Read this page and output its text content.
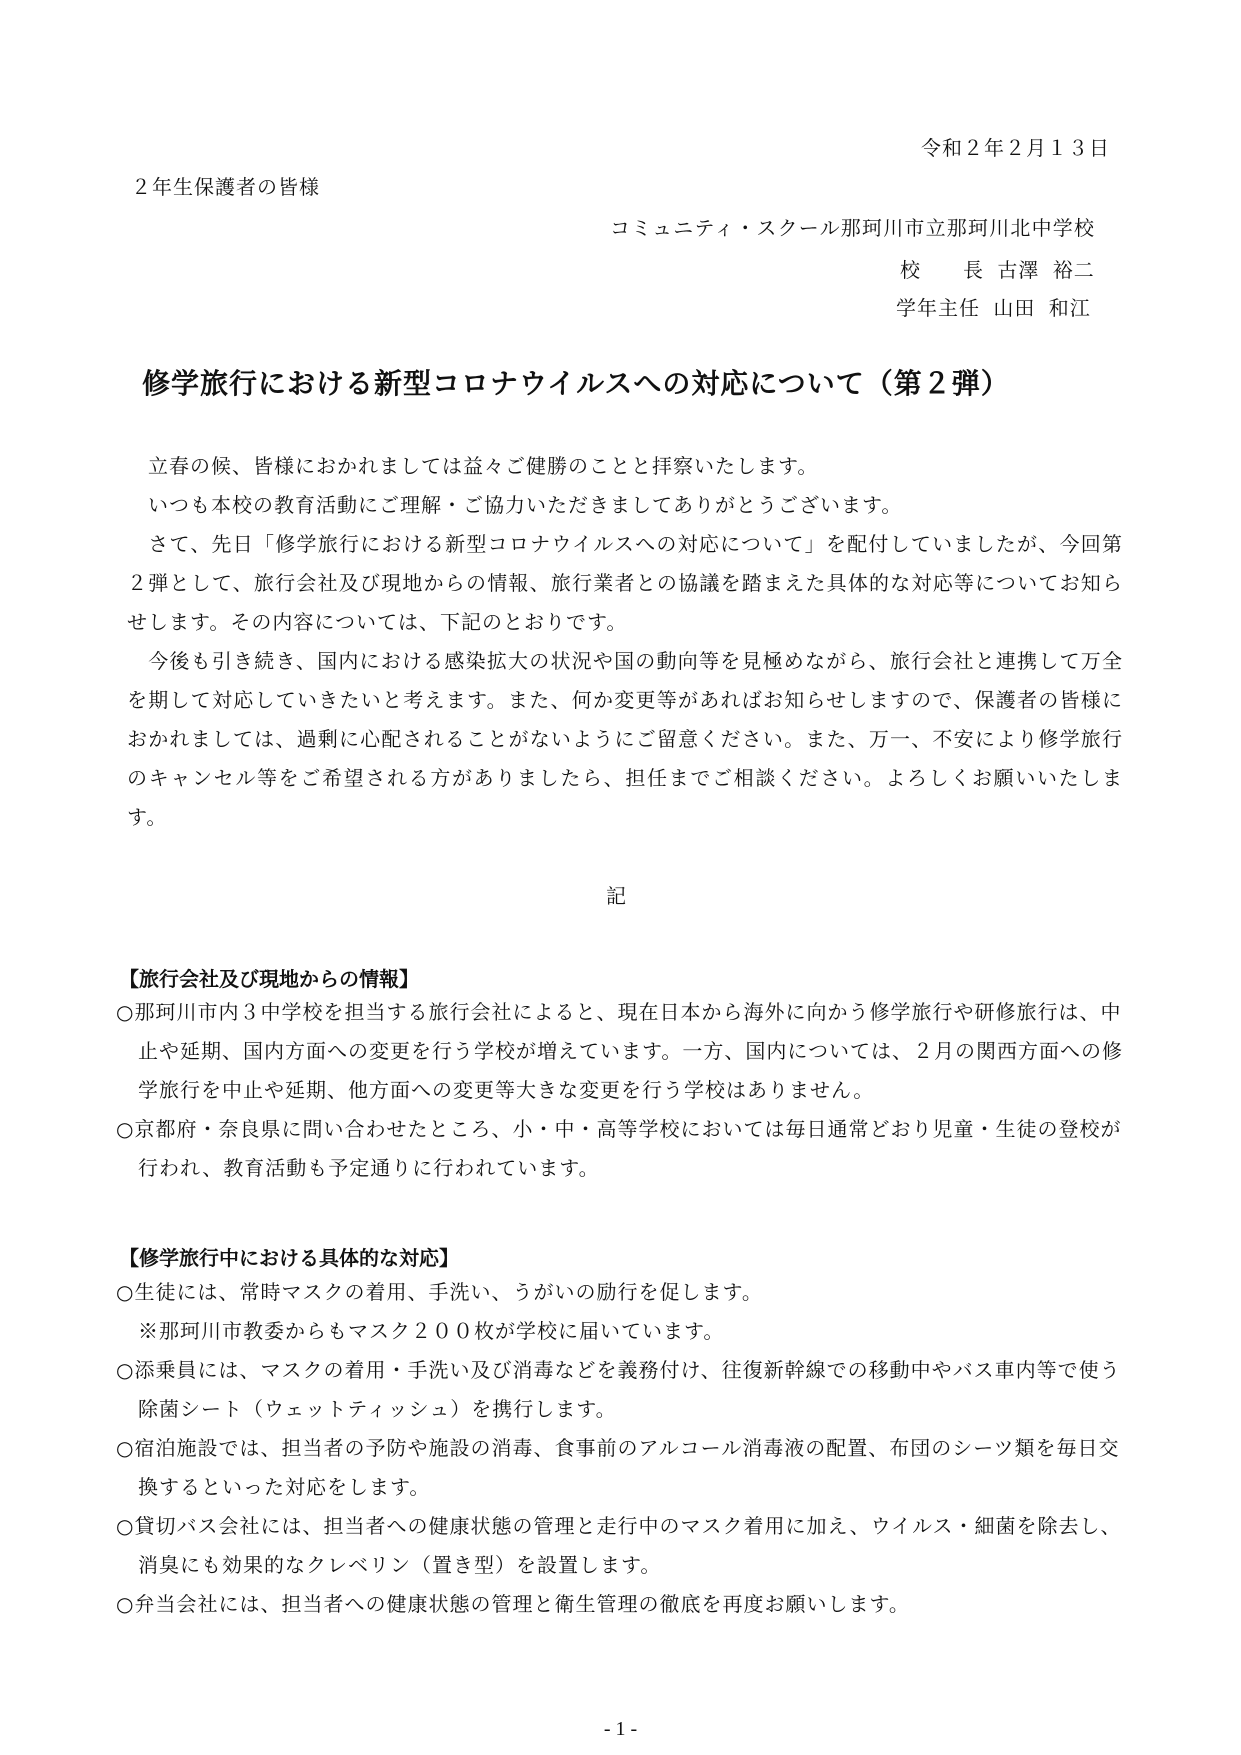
令和２年２月１３日
２年生保護者の皆様
コミュニティ・スクール那珂川市立那珂川北中学校
校　　長 古澤 裕二
学年主任 山田 和江
修学旅行における新型コロナウイルスへの対応について（第２弾）

　立春の候、皆様におかれましては益々ご健勝のことと拝察いたします。

　いつも本校の教育活動にご理解・ご協力いただきましてありがとうございます。

　さて、先日「修学旅行における新型コロナウイルスへの対応について」を配付していましたが、今回第２弾として、旅行会社及び現地からの情報、旅行業者との協議を踏まえた具体的な対応等についてお知らせします。その内容については、下記のとおりです。

　今後も引き続き、国内における感染拡大の状況や国の動向等を見極めながら、旅行会社と連携して万全を期して対応していきたいと考えます。また、何か変更等があればお知らせしますので、保護者の皆様におかれましては、過剰に心配されることがないようにご留意ください。また、万一、不安により修学旅行のキャンセル等をご希望される方がありましたら、担任までご相談ください。よろしくお願いいたします。

記
【旅行会社及び現地からの情報】
○那珂川市内３中学校を担当する旅行会社によると、現在日本から海外に向かう修学旅行や研修旅行は、中止や延期、国内方面への変更を行う学校が増えています。一方、国内については、２月の関西方面への修学旅行を中止や延期、他方面への変更等大きな変更を行う学校はありません。
○京都府・奈良県に問い合わせたところ、小・中・高等学校においては毎日通常どおり児童・生徒の登校が行われ、教育活動も予定通りに行われています。
【修学旅行中における具体的な対応】
○生徒には、常時マスクの着用、手洗い、うがいの励行を促します。
※那珂川市教委からもマスク２００枚が学校に届いています。
○添乗員には、マスクの着用・手洗い及び消毒などを義務付け、往復新幹線での移動中やバス車内等で使う除菌シート（ウェットティッシュ）を携行します。
○宿泊施設では、担当者の予防や施設の消毒、食事前のアルコール消毒液の配置、布団のシーツ類を毎日交換するといった対応をします。
○貸切バス会社には、担当者への健康状態の管理と走行中のマスク着用に加え、ウイルス・細菌を除去し、消臭にも効果的なクレベリン（置き型）を設置します。
○弁当会社には、担当者への健康状態の管理と衛生管理の徹底を再度お願いします。
- 1 -
